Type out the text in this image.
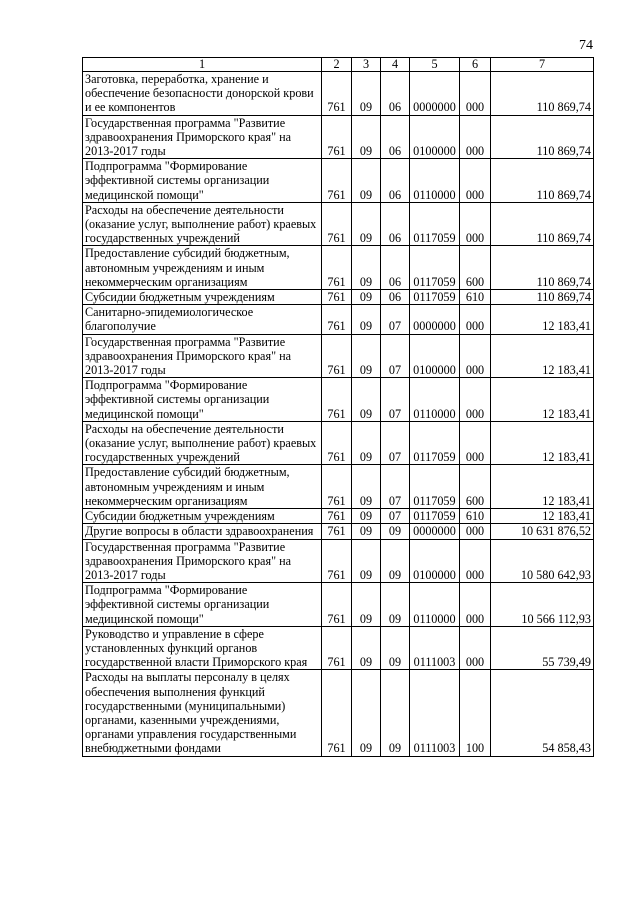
74
1	2	3	4	5	6	7
Заготовка, переработка, хранение и обеспечение безопасности донорской крови и ее компонентов	761	09	06	0000000	000	110 869,74
Государственная программа "Развитие здравоохранения Приморского края" на 2013-2017 годы	761	09	06	0100000	000	110 869,74
Подпрограмма "Формирование эффективной системы организации медицинской помощи"	761	09	06	0110000	000	110 869,74
Расходы на обеспечение деятельности (оказание услуг, выполнение работ) краевых государственных учреждений	761	09	06	0117059	000	110 869,74
Предоставление субсидий бюджетным, автономным учреждениям и иным некоммерческим организациям	761	09	06	0117059	600	110 869,74
Субсидии бюджетным учреждениям	761	09	06	0117059	610	110 869,74
Санитарно-эпидемиологическое благополучие	761	09	07	0000000	000	12 183,41
Государственная программа "Развитие здравоохранения Приморского края" на 2013-2017 годы	761	09	07	0100000	000	12 183,41
Подпрограмма "Формирование эффективной системы организации медицинской помощи"	761	09	07	0110000	000	12 183,41
Расходы на обеспечение деятельности (оказание услуг, выполнение работ) краевых государственных учреждений	761	09	07	0117059	000	12 183,41
Предоставление субсидий бюджетным, автономным учреждениям и иным некоммерческим организациям	761	09	07	0117059	600	12 183,41
Субсидии бюджетным учреждениям	761	09	07	0117059	610	12 183,41
Другие вопросы в области здравоохранения	761	09	09	0000000	000	10 631 876,52
Государственная программа "Развитие здравоохранения Приморского края" на 2013-2017 годы	761	09	09	0100000	000	10 580 642,93
Подпрограмма "Формирование эффективной системы организации медицинской помощи"	761	09	09	0110000	000	10 566 112,93
Руководство и управление в сфере установленных функций органов государственной власти Приморского края	761	09	09	0111003	000	55 739,49
Расходы на выплаты персоналу в целях обеспечения выполнения функций государственными (муниципальными) органами, казенными учреждениями, органами управления государственными внебюджетными фондами	761	09	09	0111003	100	54 858,43
